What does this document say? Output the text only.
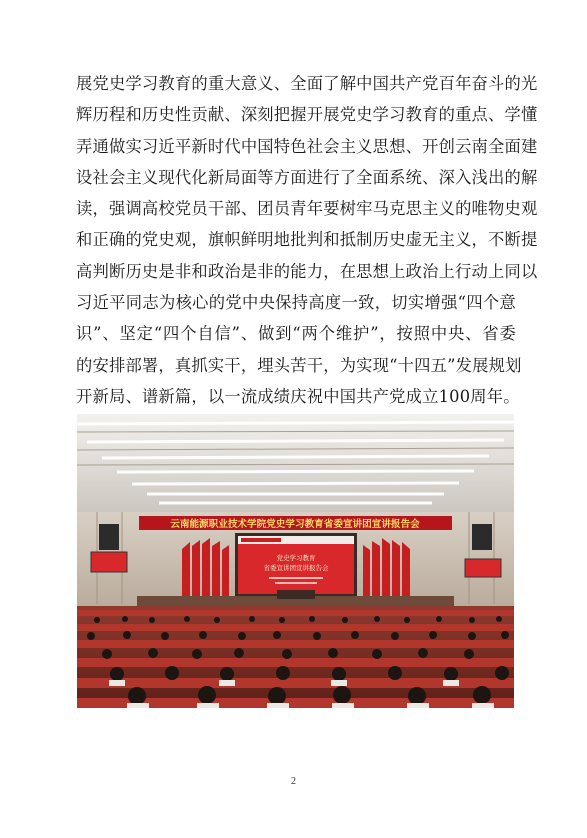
展党史学习教育的重大意义、全面了解中国共产党百年奋斗的光
辉历程和历史性贡献、深刻把握开展党史学习教育的重点、学懂
弄通做实习近平新时代中国特色社会主义思想、开创云南全面建
设社会主义现代化新局面等方面进行了全面系统、深入浅出的解
读，强调高校党员干部、团员青年要树牢马克思主义的唯物史观
和正确的党史观，旗帜鲜明地批判和抵制历史虚无主义，不断提
高判断历史是非和政治是非的能力，在思想上政治上行动上同以
习近平同志为核心的党中央保持高度一致，切实增强“四个意
识”、坚定“四个自信”、做到“两个维护”，按照中央、省委
的安排部署，真抓实干，埋头苦干，为实现“十四五”发展规划
开新局、谱新篇，以一流成绩庆祝中国共产党成立100周年。
云南能源职业技术学院党史学习教育省委宣讲团宣讲报告会
党史学习教育
省委宣讲团宣讲报告会
2
